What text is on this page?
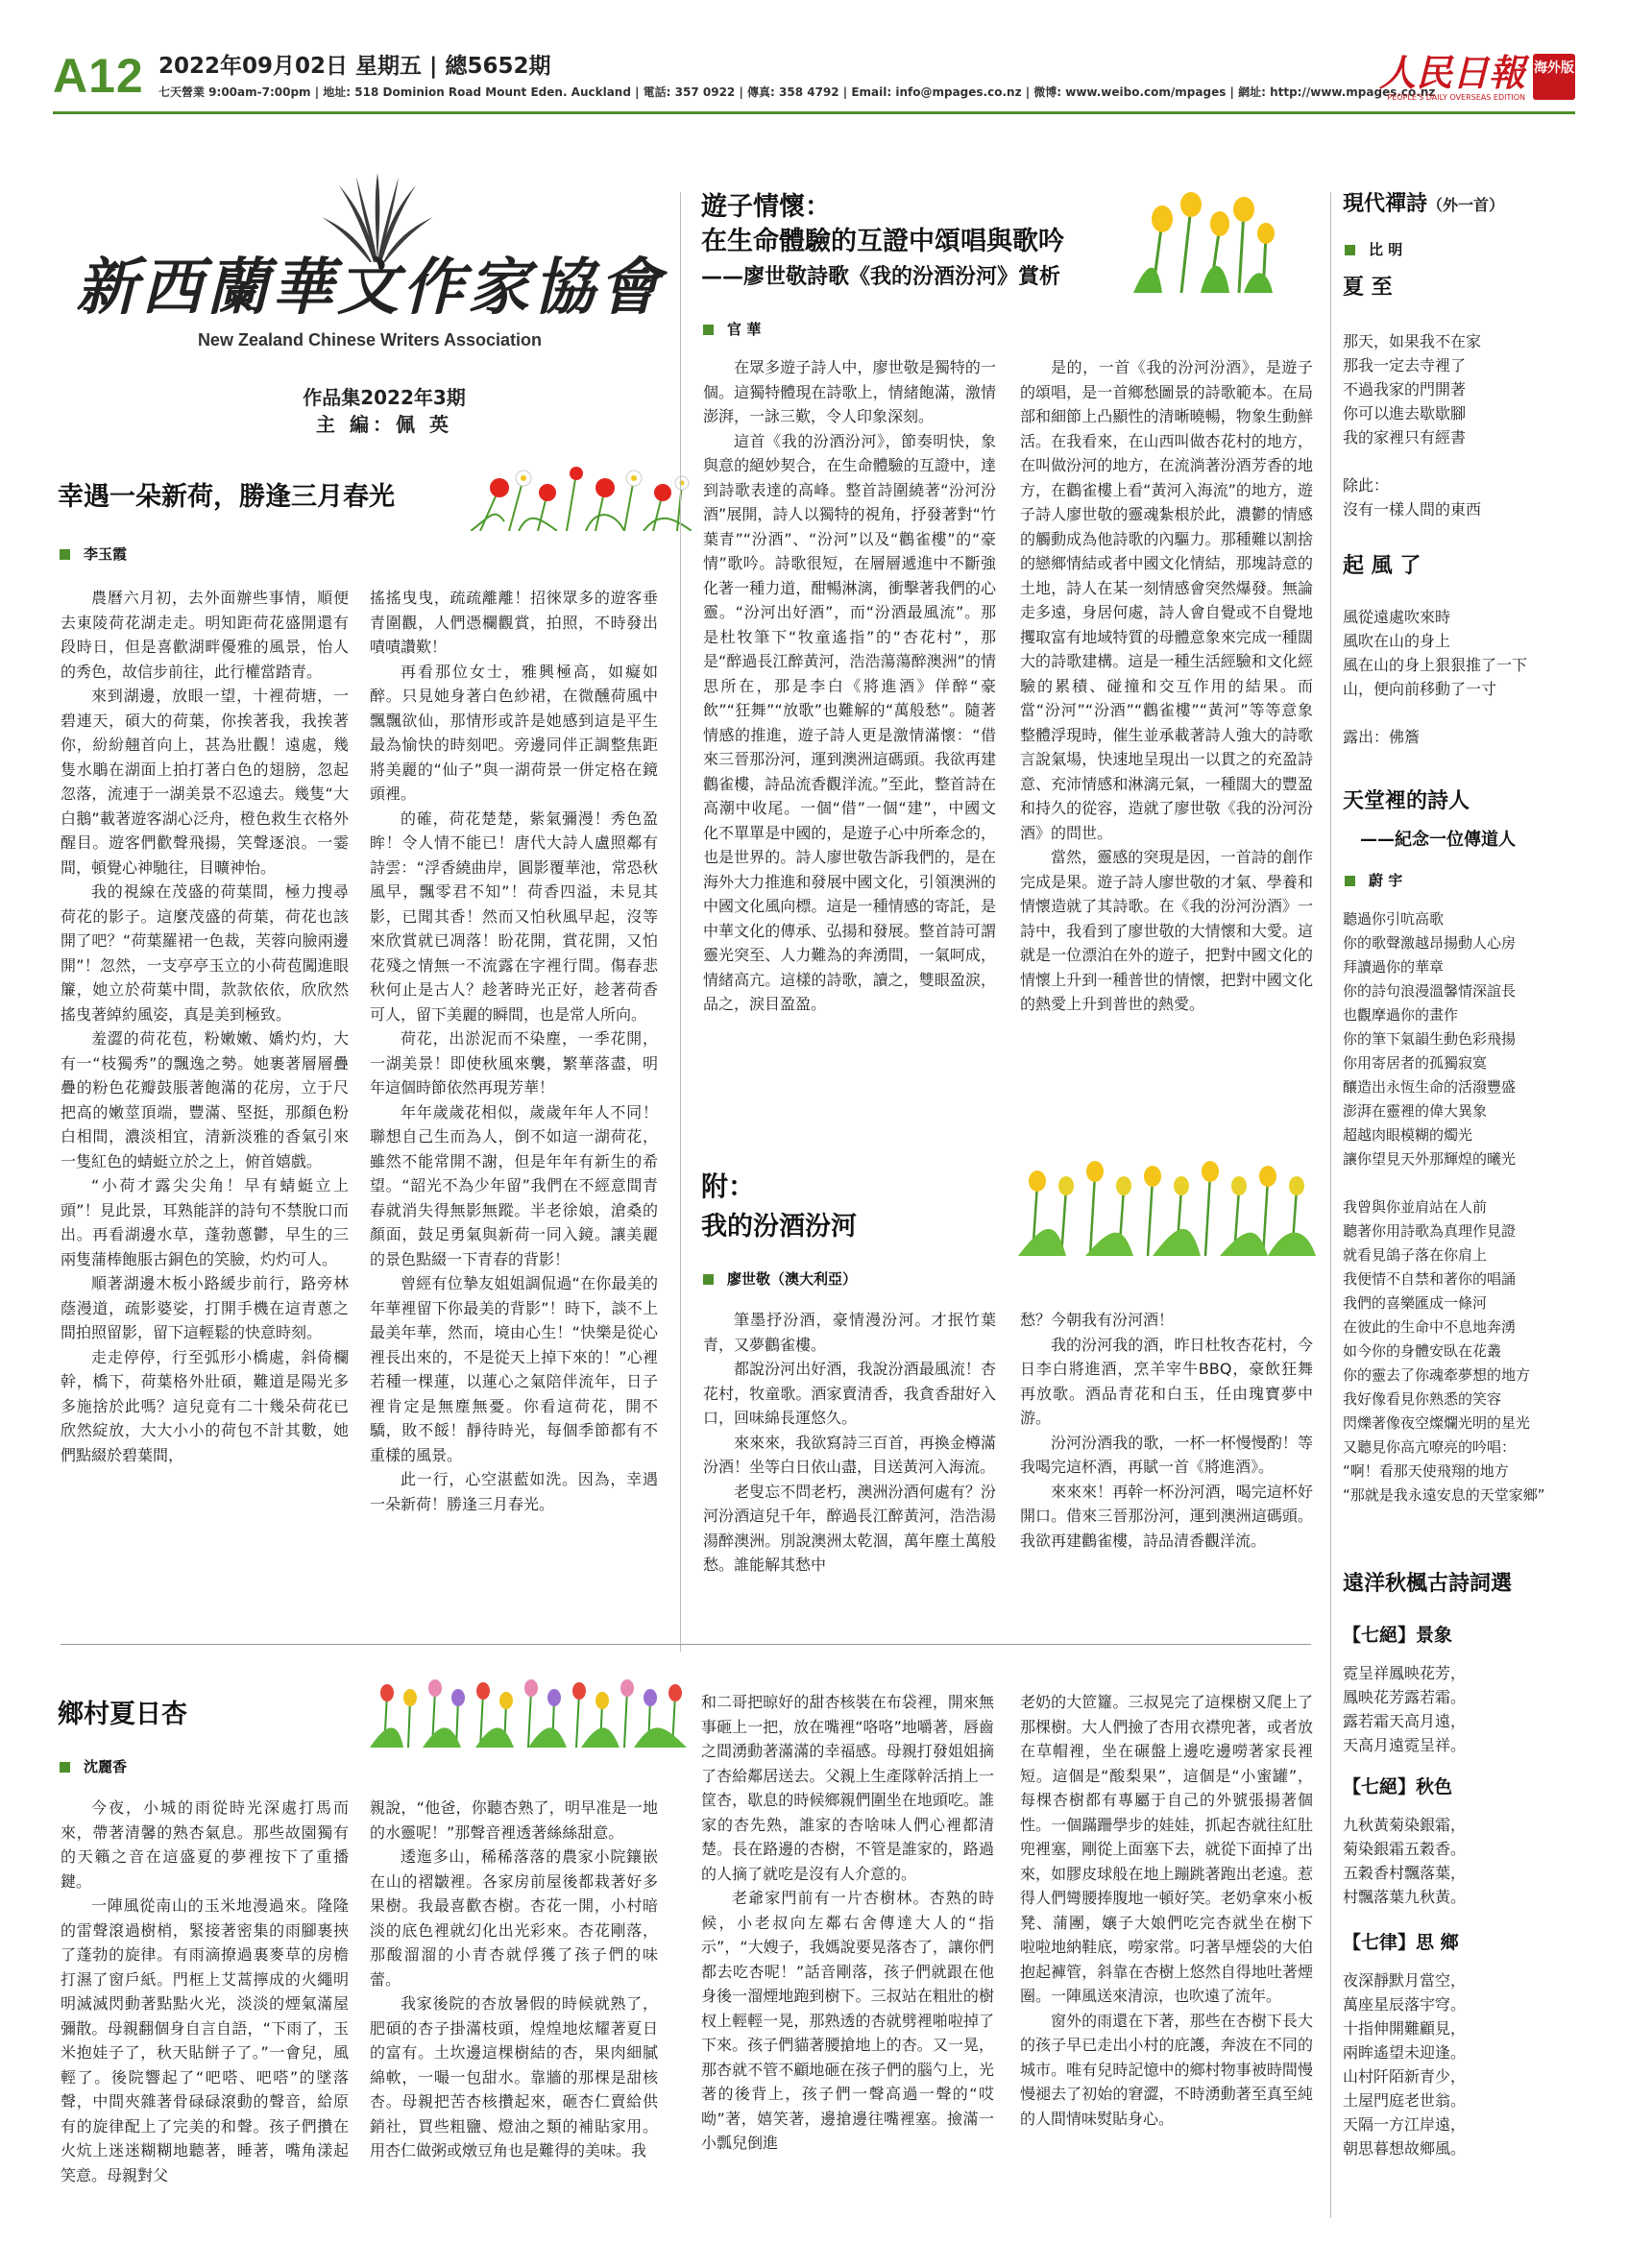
A12 2022年09月02日 星期五 | 總5652期
七天營業 9:00am-7:00pm | 地址: 518 Dominion Road Mount Eden. Auckland | 電話: 357 0922 | 傳真: 358 4792 | Email: info@mpages.co.nz | 微博: www.weibo.com/mpages | 網址: http://www.mpages.co.nz
人民日報
PEOPLE'S DAILY OVERSEAS EDITION
海外版
新西蘭華文作家協會
New Zealand Chinese Writers Association
作品集2022年3期
主 編：佩 英
幸遇一朵新荷，勝逢三月春光
李玉霞

農曆六月初，去外面辦些事情，順便去東陵荷花湖走走。明知距荷花盛開還有段時日，但是喜歡湖畔優雅的風景，怡人的秀色，故信步前往，此行權當踏青。

來到湖邊，放眼一望，十裡荷塘，一碧連天，碩大的荷葉，你挨著我，我挨著你，紛紛翹首向上，甚為壯觀！遠處，幾隻水鵰在湖面上拍打著白色的翅膀，忽起忽落，流連于一湖美景不忍遠去。幾隻“大白鵝”載著遊客湖心泛舟，橙色救生衣格外醒目。遊客們歡聲飛揚，笑聲逐浪。一霎間，頓覺心神馳往，目曠神怡。

我的視線在茂盛的荷葉間，極力搜尋荷花的影子。這麼茂盛的荷葉，荷花也該開了吧？“荷葉羅裙一色裁，芙蓉向臉兩邊開”！忽然，一支亭亭玉立的小荷苞闖進眼簾，她立於荷葉中間，款款依依，欣欣然搖曳著綽約風姿，真是美到極致。

羞澀的荷花苞，粉嫩嫩、嬌灼灼，大有一“枝獨秀”的飄逸之勢。她裹著層層疊疊的粉色花瓣鼓脹著飽滿的花房，立于尺把高的嫩莖頂端，豐滿、堅挺，那顏色粉白相間，濃淡相宜，清新淡雅的香氣引來一隻紅色的蜻蜓立於之上，俯首嬉戲。

“小荷才露尖尖角！早有蜻蜓立上頭”！見此景，耳熟能詳的詩句不禁脫口而出。再看湖邊水草，蓬勃蔥鬱，早生的三兩隻蒲棒飽脹古銅色的笑臉，灼灼可人。

順著湖邊木板小路緩步前行，路旁林蔭漫道，疏影婆娑，打開手機在這青蔥之間拍照留影，留下這輕鬆的快意時刻。

走走停停，行至弧形小橋處，斜倚欄幹，橋下，荷葉格外壯碩，難道是陽光多多施捨於此嗎？這兒竟有二十幾朵荷花已欣然綻放，大大小小的荷包不計其數，她們點綴於碧葉間，

搖搖曳曳，疏疏離離！招徠眾多的遊客垂青圍觀，人們憑欄觀賞，拍照，不時發出嘖嘖讚歎！

再看那位女士，雅興極高，如癡如醉。只見她身著白色紗裙，在微醺荷風中飄飄欲仙，那情形或許是她感到這是平生最為愉快的時刻吧。旁邊同伴正調整焦距將美麗的“仙子”與一湖荷景一併定格在鏡頭裡。

的確，荷花楚楚，紫氣彌漫！秀色盈眸！令人情不能已！唐代大詩人盧照鄰有詩雲：“浮香繞曲岸，圓影覆華池，常恐秋風早，飄零君不知”！荷香四溢，未見其影，已聞其香！然而又怕秋風早起，沒等來欣賞就已凋落！盼花開，賞花開，又怕花殘之情無一不流露在字裡行間。傷春悲秋何止是古人？趁著時光正好，趁著荷香可人，留下美麗的瞬間，也是常人所向。

荷花，出淤泥而不染塵，一季花開，一湖美景！即使秋風來襲，繁華落盡，明年這個時節依然再現芳華！

年年歲歲花相似，歲歲年年人不同！聯想自己生而為人，倒不如這一湖荷花，雖然不能常開不謝，但是年年有新生的希望。“韶光不為少年留”我們在不經意間青春就消失得無影無蹤。半老徐娘，滄桑的顏面，鼓足勇氣與新荷一同入鏡。讓美麗的景色點綴一下青春的背影！

曾經有位摯友姐姐調侃過“在你最美的年華裡留下你最美的背影”！時下，談不上最美年華，然而，境由心生！“快樂是從心裡長出來的，不是從天上掉下來的！”心裡若種一棵蓮，以蓮心之氣陪伴流年，日子裡肯定是無塵無憂。你看這荷花，開不驕，敗不餒！靜待時光，每個季節都有不重樣的風景。

此一行，心空湛藍如洗。因為，幸遇一朵新荷！勝逢三月春光。

遊子情懷：
在生命體驗的互證中頌唱與歌吟
——廖世敬詩歌《我的汾酒汾河》賞析
官 華

在眾多遊子詩人中，廖世敬是獨特的一個。這獨特體現在詩歌上，情緒飽滿，激情澎湃，一詠三歎，令人印象深刻。

這首《我的汾酒汾河》，節奏明快，象與意的絕妙契合，在生命體驗的互證中，達到詩歌表達的高峰。整首詩圍繞著“汾河汾酒”展開，詩人以獨特的視角，抒發著對“竹葉青”“汾酒”、“汾河”以及“鸛雀樓”的“豪情”歌吟。詩歌很短，在層層遞進中不斷強化著一種力道，酣暢淋漓，衝擊著我們的心靈。“汾河出好酒”，而“汾酒最風流”。那是杜牧筆下“牧童遙指”的“杏花村”，那是“醉過長江醉黃河，浩浩蕩蕩醉澳洲”的情思所在，那是李白《將進酒》佯醉“豪飲”“狂舞”“放歌”也難解的“萬般愁”。隨著情感的推進，遊子詩人更是激情滿懷：“借來三晉那汾河，運到澳洲這碼頭。我欲再建鸛雀樓，詩品流香觀洋流。”至此，整首詩在高潮中收尾。一個“借”一個“建”，中國文化不單單是中國的，是遊子心中所牽念的，也是世界的。詩人廖世敬告訴我們的，是在海外大力推進和發展中國文化，引領澳洲的中國文化風向標。這是一種情感的寄託，是中華文化的傳承、弘揚和發展。整首詩可謂靈光突至、人力難為的奔湧間，一氣呵成，情緒高亢。這樣的詩歌，讀之，雙眼盈淚，品之，淚目盈盈。

是的，一首《我的汾河汾酒》，是遊子的頌唱，是一首鄉愁圖景的詩歌範本。在局部和細節上凸顯性的清晰曉暢，物象生動鮮活。在我看來，在山西叫做杏花村的地方，在叫做汾河的地方，在流淌著汾酒芳香的地方，在鸛雀樓上看“黃河入海流”的地方，遊子詩人廖世敬的靈魂紮根於此，濃鬱的情感的觸動成為他詩歌的內驅力。那種難以割捨的戀鄉情結或者中國文化情結，那塊詩意的土地，詩人在某一刻情感會突然爆發。無論走多遠，身居何處，詩人會自覺或不自覺地攫取富有地域特質的母體意象來完成一種闊大的詩歌建構。這是一種生活經驗和文化經驗的累積、碰撞和交互作用的結果。而當“汾河”“汾酒”“鸛雀樓”“黃河”等等意象整體浮現時，催生並承載著詩人強大的詩歌言說氣場，快速地呈現出一以貫之的充盈詩意、充沛情感和淋漓元氣，一種闊大的豐盈和持久的從容，造就了廖世敬《我的汾河汾酒》的問世。

當然，靈感的突現是因，一首詩的創作完成是果。遊子詩人廖世敬的才氣、學養和情懷造就了其詩歌。在《我的汾河汾酒》一詩中，我看到了廖世敬的大情懷和大愛。這就是一位漂泊在外的遊子，把對中國文化的情懷上升到一種普世的情懷，把對中國文化的熱愛上升到普世的熱愛。

附：
我的汾酒汾河
廖世敬（澳大利亞）

筆墨抒汾酒，豪情漫汾河。才抿竹葉青，又夢鸛雀樓。

都說汾河出好酒，我說汾酒最風流！杏花村，牧童歌。酒家賣清香，我貪香甜好入口，回味綿長運悠久。

來來來，我欲寫詩三百首，再換金樽滿汾酒！坐等白日依山盡，目送黃河入海流。

老叟忘不問老朽，澳洲汾酒何處有？汾河汾酒這兒千年，醉過長江醉黃河，浩浩湯湯醉澳洲。別說澳洲太乾涸，萬年塵土萬般愁。誰能解其愁中

愁？今朝我有汾河酒！

我的汾河我的酒，昨日杜牧杏花村，今日李白將進酒，烹羊宰牛BBQ，豪飲狂舞再放歌。酒品青花和白玉，任由瑰寶夢中游。

汾河汾酒我的歌，一杯一杯慢慢酌！等我喝完這杯酒，再賦一首《將進酒》。

來來來！再幹一杯汾河酒，喝完這杯好開口。借來三晉那汾河，運到澳洲這碼頭。我欲再建鸛雀樓，詩品清香觀洋流。

現代禪詩（外一首）
比 明
夏 至
那天，如果我不在家
那我一定去寺裡了
不過我家的門開著
你可以進去歇歇腳
我的家裡只有經書

除此：
沒有一樣人間的東西
起 風 了
風從遠處吹來時
風吹在山的身上
風在山的身上狠狠推了一下
山，便向前移動了一寸

露出：佛簷
天堂裡的詩人
——紀念一位傳道人
蔚 宇
聽過你引吭高歌
你的歌聲激越昂揚動人心房
拜讀過你的華章
你的詩句浪漫溫馨情深誼長
也觀摩過你的畫作
你的筆下氣韻生動色彩飛揚
你用寄居者的孤獨寂寞
釀造出永恆生命的活潑豐盛
澎湃在靈裡的偉大異象
超越肉眼模糊的燭光
讓你望見天外那輝煌的曦光

我曾與你並肩站在人前
聽著你用詩歌為真理作見證
就看見鴿子落在你肩上
我便情不自禁和著你的唱誦
我們的喜樂匯成一條河
在彼此的生命中不息地奔湧
如今你的身體安臥在花叢
你的靈去了你魂牽夢想的地方
我好像看見你熟悉的笑容
閃爍著像夜空燦爛光明的星光
又聽見你高亢嘹亮的吟唱：
“啊！看那天使飛翔的地方
“那就是我永遠安息的天堂家鄉”
遠洋秋楓古詩詞選
【七絕】景象
霓呈祥鳳映花芳，
鳳映花芳露若霜。
露若霜天高月遠，
天高月遠霓呈祥。
【七絕】秋色
九秋黃菊染銀霜，
菊染銀霜五穀香。
五穀香村飄落葉，
村飄落葉九秋黃。
【七律】思 鄉
夜深靜默月當空，
萬座星辰落宇穹。
十指伸開難顧見，
兩眸遙望未迎逢。
山村阡陌新青少，
土屋門庭老世翁。
天隔一方江岸遠，
朝思暮想故鄉風。
鄉村夏日杏
沈麗香

今夜，小城的雨從時光深處打馬而來，帶著清馨的熟杏氣息。那些故園獨有的天籟之音在這盛夏的夢裡按下了重播鍵。

一陣風從南山的玉米地漫過來。隆隆的雷聲滾過樹梢，緊接著密集的雨腳裹挾了蓬勃的旋律。有雨滴撩過裏麥草的房檐打濕了窗戶紙。門框上艾蒿擰成的火繩明明滅滅閃動著點點火光，淡淡的煙氣滿屋彌散。母親翻個身自言自語，“下雨了，玉米抱娃子了，秋天貼餅子了。”一會兒，風輕了。後院響起了“吧嗒、吧嗒”的墜落聲，中間夾雜著骨碌碌滾動的聲音，給原有的旋律配上了完美的和聲。孩子們攢在火炕上迷迷糊糊地聽著，睡著，嘴角漾起笑意。母親對父

親說，“他爸，你聽杏熟了，明早准是一地的水靈呢！”那聲音裡透著絲絲甜意。

逶迤多山，稀稀落落的農家小院鑲嵌在山的褶皺裡。各家房前屋後都栽著好多果樹。我最喜歡杏樹。杏花一開，小村暗淡的底色裡就幻化出光彩來。杏花剛落，那酸溜溜的小青杏就俘獲了孩子們的味蕾。

我家後院的杏放暑假的時候就熟了，肥碩的杏子掛滿枝頭，煌煌地炫耀著夏日的富有。土坎邊這棵樹結的杏，果肉細膩綿軟，一嘬一包甜水。靠牆的那棵是甜核杏。母親把苦杏核攢起來，砸杏仁賣給供銷社，買些粗鹽、燈油之類的補貼家用。用杏仁做粥或燉豆角也是難得的美味。我

和二哥把晾好的甜杏核裝在布袋裡，開來無事砸上一把，放在嘴裡“咯咯”地嚼著，唇齒之間湧動著滿滿的幸福感。母親打發姐姐摘了杏給鄰居送去。父親上生產隊幹活捎上一筐杏，歇息的時候鄉親們圍坐在地頭吃。誰家的杏先熟，誰家的杏啥味人們心裡都清楚。長在路邊的杏樹，不管是誰家的，路過的人摘了就吃是沒有人介意的。

老爺家門前有一片杏樹林。杏熟的時候，小老叔向左鄰右舍傳達大人的“指示”，“大嫂子，我媽說要晃落杏了，讓你們都去吃杏呢！”話音剛落，孩子們就跟在他身後一溜煙地跑到樹下。三叔站在粗壯的樹杈上輕輕一晃，那熟透的杏就劈裡啪啦掉了下來。孩子們貓著腰搶地上的杏。又一晃，那杏就不管不顧地砸在孩子們的腦勺上，光著的後背上，孩子們一聲高過一聲的“哎呦”著，嬉笑著，邊搶邊往嘴裡塞。撿滿一小瓢兒倒進

老奶的大笸籮。三叔晃完了這棵樹又爬上了那棵樹。大人們撿了杏用衣襟兜著，或者放在草帽裡，坐在碾盤上邊吃邊嘮著家長裡短。這個是“酸梨果”，這個是“小蜜罐”，每棵杏樹都有專屬于自己的外號張揚著個性。一個蹣跚學步的娃娃，抓起杏就往紅肚兜裡塞，剛從上面塞下去，就從下面掉了出來，如膠皮球般在地上蹦跳著跑出老遠。惹得人們彎腰捧腹地一頓好笑。老奶拿來小板凳、蒲團，孃子大娘們吃完杏就坐在樹下 啦啦地納鞋底，嘮家常。叼著旱煙袋的大伯抱起褲管，斜靠在杏樹上悠然自得地吐著煙圈。一陣風送來清涼，也吹遠了流年。

窗外的雨還在下著，那些在杏樹下長大的孩子早已走出小村的庇護，奔波在不同的城市。唯有兒時記憶中的鄉村物事被時間慢慢褪去了初始的窘澀，不時湧動著至真至純的人間情味熨貼身心。
